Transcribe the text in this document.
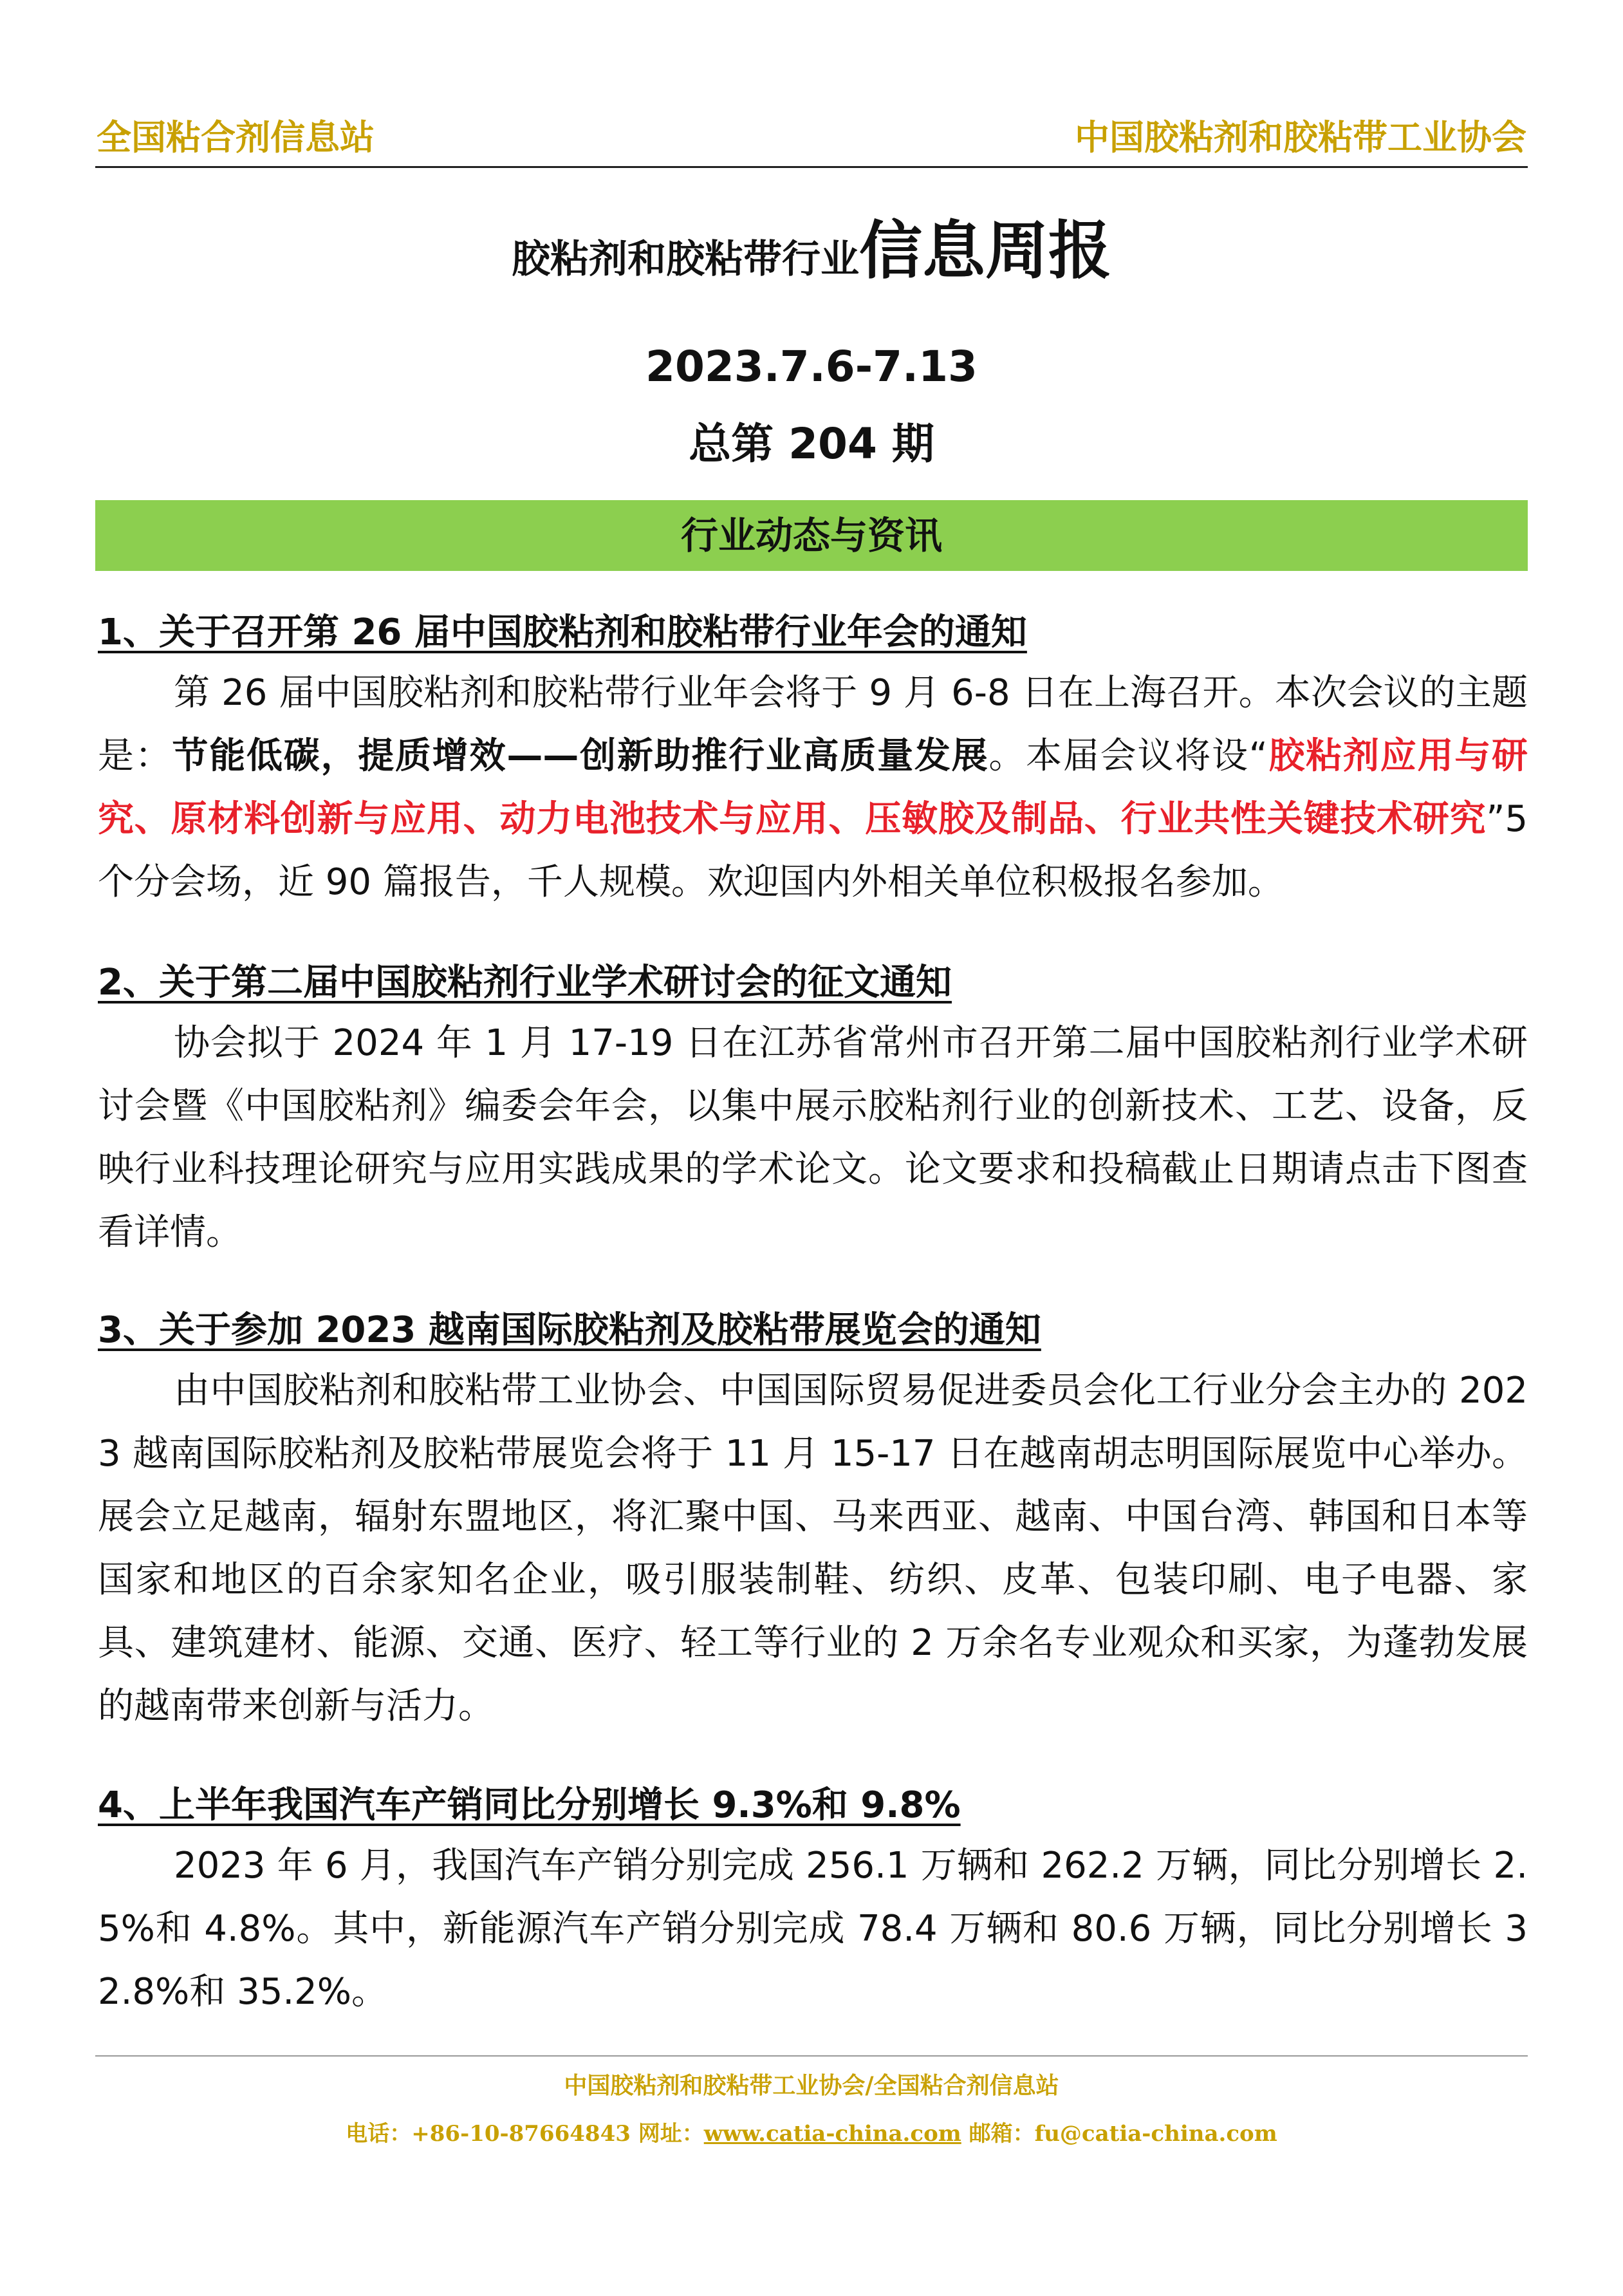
全国粘合剂信息站	中国胶粘剂和胶粘带工业协会
胶粘剂和胶粘带行业信息周报
2023.7.6-7.13
总第 204 期
行业动态与资讯
1、关于召开第 26 届中国胶粘剂和胶粘带行业年会的通知

第 26 届中国胶粘剂和胶粘带行业年会将于 9 月 6-8 日在上海召开。本次会议的主题是：节能低碳，提质增效——创新助推行业高质量发展。本届会议将设“胶粘剂应用与研究、原材料创新与应用、动力电池技术与应用、压敏胶及制品、行业共性关键技术研究”5 个分会场，近 90 篇报告，千人规模。欢迎国内外相关单位积极报名参加。

2、关于第二届中国胶粘剂行业学术研讨会的征文通知

协会拟于 2024 年 1 月 17-19 日在江苏省常州市召开第二届中国胶粘剂行业学术研讨会暨《中国胶粘剂》编委会年会，以集中展示胶粘剂行业的创新技术、工艺、设备，反映行业科技理论研究与应用实践成果的学术论文。论文要求和投稿截止日期请点击下图查看详情。

3、关于参加 2023 越南国际胶粘剂及胶粘带展览会的通知

由中国胶粘剂和胶粘带工业协会、中国国际贸易促进委员会化工行业分会主办的 2023 越南国际胶粘剂及胶粘带展览会将于 11 月 15-17 日在越南胡志明国际展览中心举办。展会立足越南，辐射东盟地区，将汇聚中国、马来西亚、越南、中国台湾、韩国和日本等国家和地区的百余家知名企业，吸引服装制鞋、纺织、皮革、包装印刷、电子电器、家具、建筑建材、能源、交通、医疗、轻工等行业的 2 万余名专业观众和买家，为蓬勃发展的越南带来创新与活力。

4、上半年我国汽车产销同比分别增长 9.3%和 9.8%

2023 年 6 月，我国汽车产销分别完成 256.1 万辆和 262.2 万辆，同比分别增长 2.5%和 4.8%。其中，新能源汽车产销分别完成 78.4 万辆和 80.6 万辆，同比分别增长 32.8%和 35.2%。

中国胶粘剂和胶粘带工业协会/全国粘合剂信息站
电话：+86-10-87664843 网址：www.catia-china.com 邮箱：fu@catia-china.com
